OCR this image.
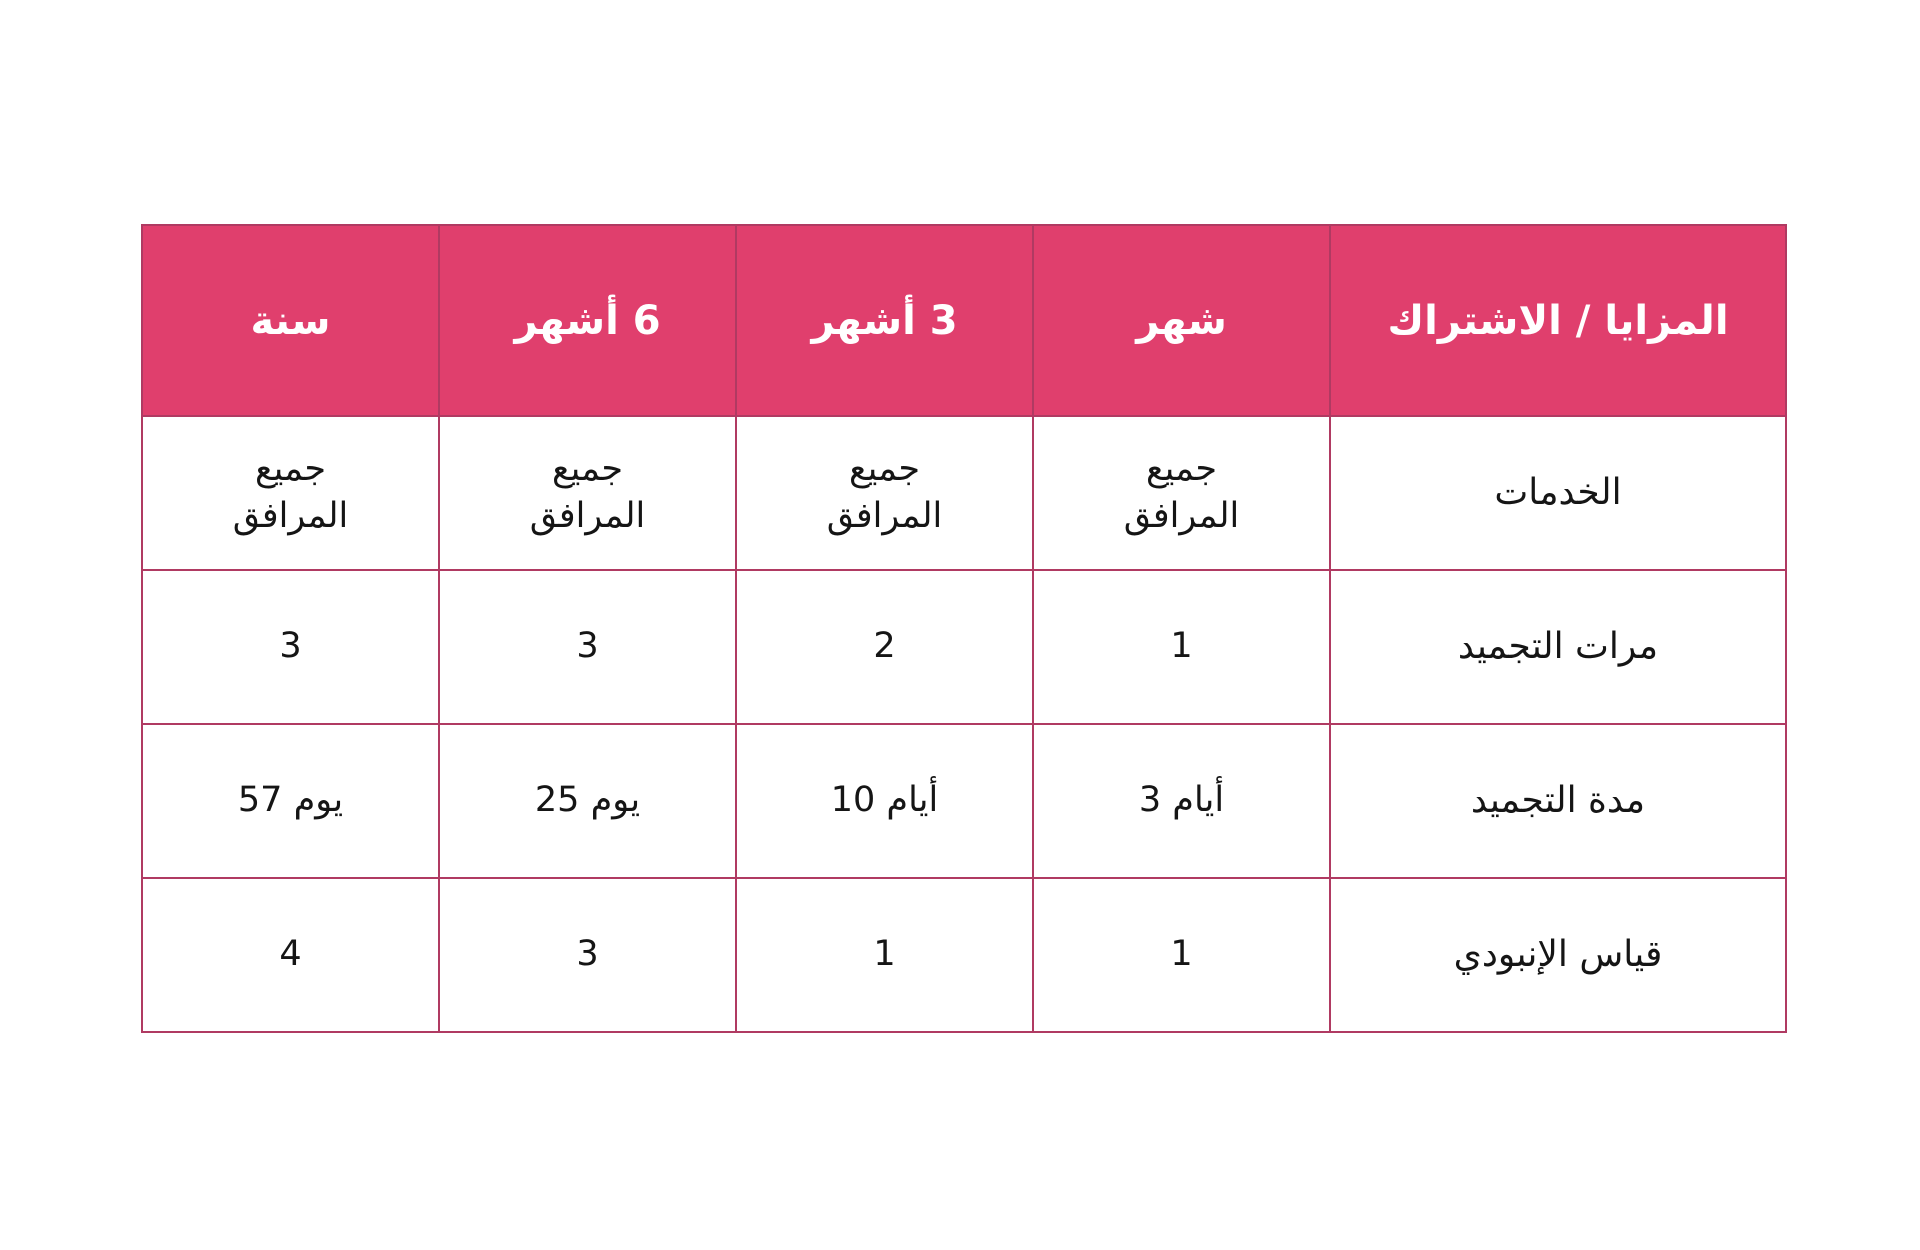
المزايا / الاشتراك	شهر	3 أشهر	6 أشهر	سنة
الخدمات	جميع المرافق	جميع المرافق	جميع المرافق	جميع المرافق
مرات التجميد	1	2	3	3
مدة التجميد	أيام 3	أيام 10	يوم 25	يوم 57
قياس الإنبودي	1	1	3	4
